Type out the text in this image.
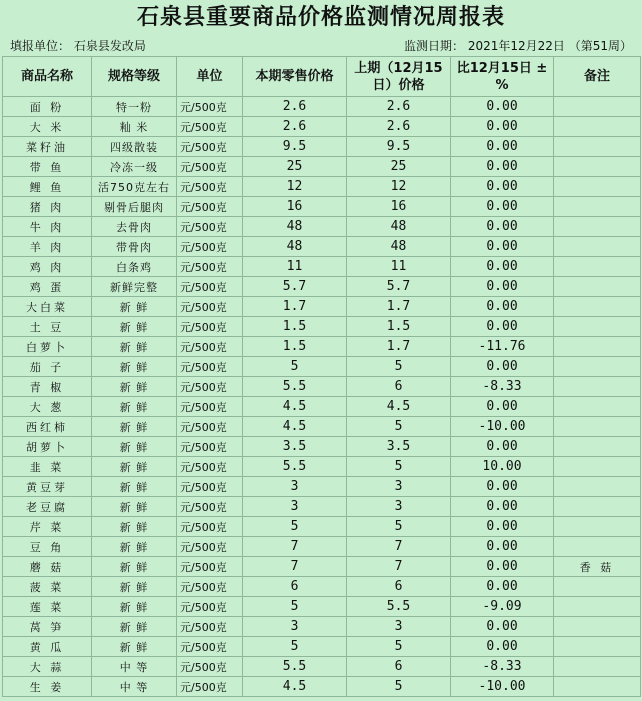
石泉县重要商品价格监测情况周报表
填报单位： 石泉县发改局	监测日期： 2021年12月22日 （第51周）
商品名称	规格等级	单位	本期零售价格	上期（12月15日）价格	比12月15日 ± %	备注
面 粉	特一粉	元/500克	2.6	2.6	0.00	
大 米	籼 米	元/500克	2.6	2.6	0.00	
菜籽油	四级散装	元/500克	9.5	9.5	0.00	
带 鱼	冷冻一级	元/500克	25	25	0.00	
鲤 鱼	活750克左右	元/500克	12	12	0.00	
猪 肉	剔骨后腿肉	元/500克	16	16	0.00	
牛 肉	去骨肉	元/500克	48	48	0.00	
羊 肉	带骨肉	元/500克	48	48	0.00	
鸡 肉	白条鸡	元/500克	11	11	0.00	
鸡 蛋	新鲜完整	元/500克	5.7	5.7	0.00	
大白菜	新 鲜	元/500克	1.7	1.7	0.00	
土 豆	新 鲜	元/500克	1.5	1.5	0.00	
白萝卜	新 鲜	元/500克	1.5	1.7	-11.76	
茄 子	新 鲜	元/500克	5	5	0.00	
青 椒	新 鲜	元/500克	5.5	6	-8.33	
大 葱	新 鲜	元/500克	4.5	4.5	0.00	
西红柿	新 鲜	元/500克	4.5	5	-10.00	
胡萝卜	新 鲜	元/500克	3.5	3.5	0.00	
韭 菜	新 鲜	元/500克	5.5	5	10.00	
黄豆芽	新 鲜	元/500克	3	3	0.00	
老豆腐	新 鲜	元/500克	3	3	0.00	
芹 菜	新 鲜	元/500克	5	5	0.00	
豆 角	新 鲜	元/500克	7	7	0.00	
蘑 菇	新 鲜	元/500克	7	7	0.00	香 菇
菠 菜	新 鲜	元/500克	6	6	0.00	
莲 菜	新 鲜	元/500克	5	5.5	-9.09	
莴 笋	新 鲜	元/500克	3	3	0.00	
黄 瓜	新 鲜	元/500克	5	5	0.00	
大 蒜	中 等	元/500克	5.5	6	-8.33	
生 姜	中 等	元/500克	4.5	5	-10.00	
